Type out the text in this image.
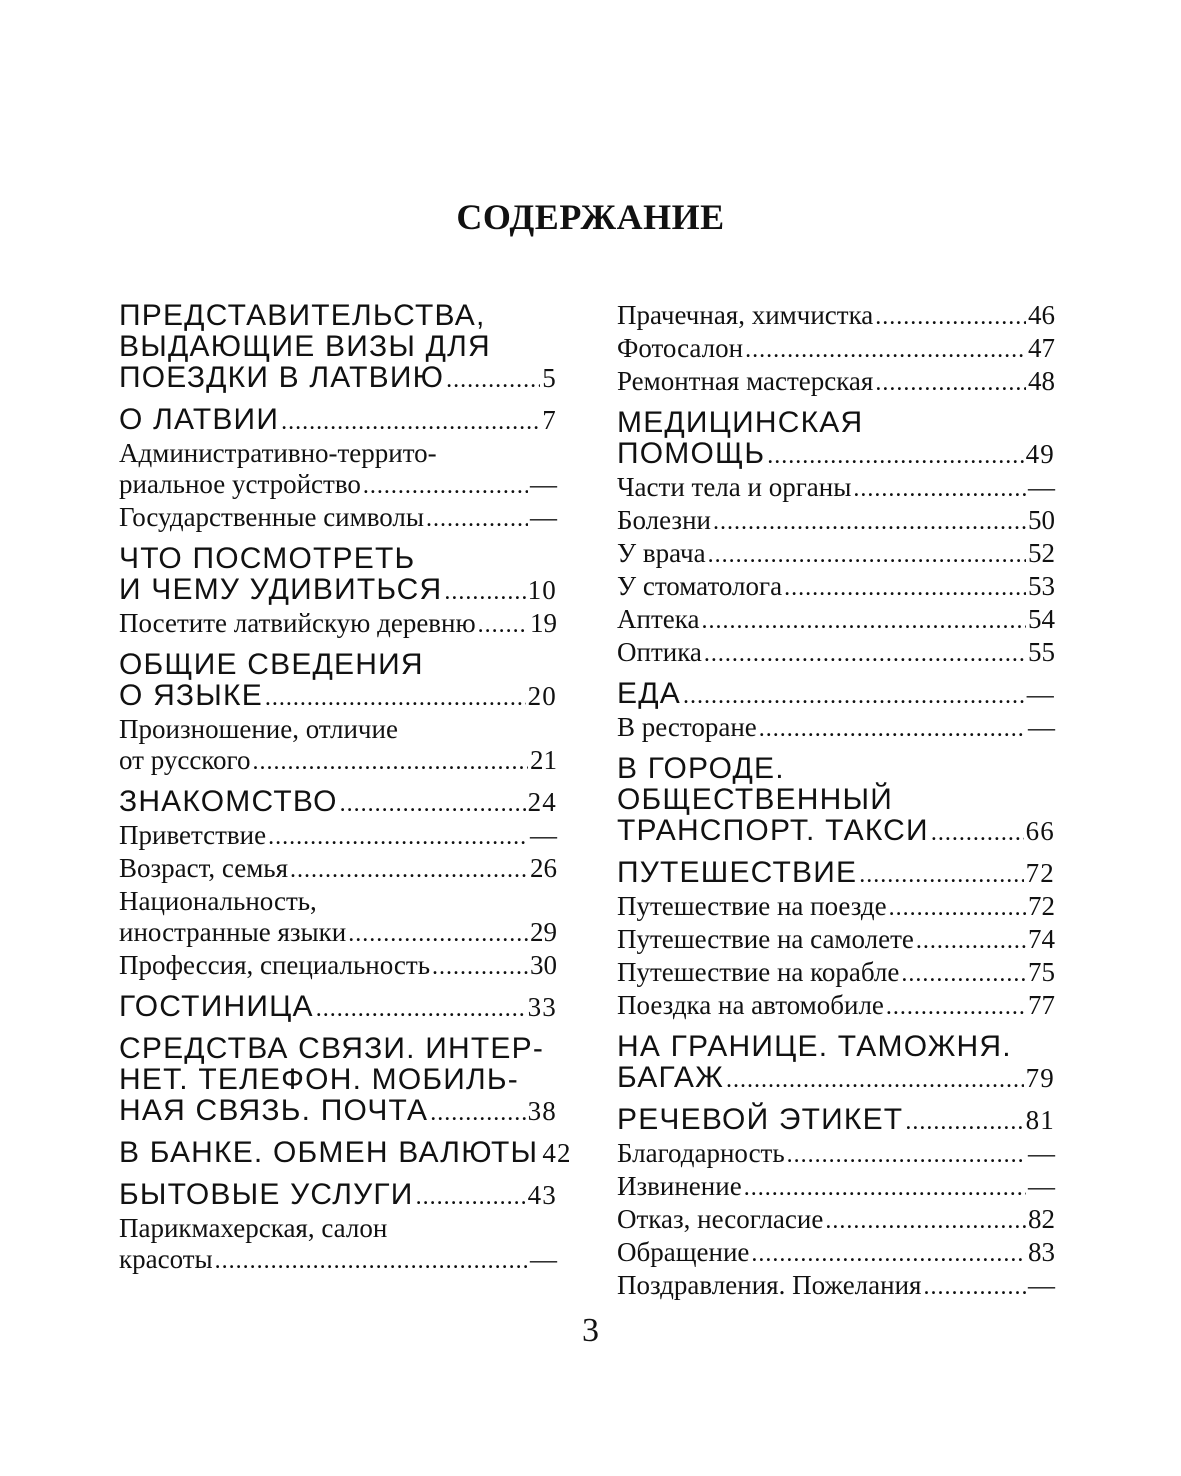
СОДЕРЖАНИЕ
ПРЕДСТАВИТЕЛЬСТВА,
ВЫДАЮЩИЕ ВИЗЫ ДЛЯ
ПОЕЗДКИ В ЛАТВИЮ .....	5
О ЛАТВИИ .....	7
Административно-террито-
риальное устройство .....	—
Государственные символы .....	—
ЧТО ПОСМОТРЕТЬ
И ЧЕМУ УДИВИТЬСЯ .....	10
Посетите латвийскую деревню ..... 19
ОБЩИЕ СВЕДЕНИЯ
О ЯЗЫКЕ .....	20
Произношение, отличие
от русского .....	21
ЗНАКОМСТВО .....	24
Приветствие .....	—
Возраст, семья .....	26
Национальность,
иностранные языки .....	29
Профессия, специальность .....	30
ГОСТИНИЦА .....	33
СРЕДСТВА СВЯЗИ. ИНТЕР-
НЕТ. ТЕЛЕФОН. МОБИЛЬ-
НАЯ СВЯЗЬ. ПОЧТА .....	38
В БАНКЕ. ОБМЕН ВАЛЮТЫ 42
БЫТОВЫЕ УСЛУГИ .....	43
Парикмахерская, салон
красоты .....	—
Прачечная, химчистка .....	46
Фотосалон .....	47
Ремонтная мастерская .....	48
МЕДИЦИНСКАЯ
ПОМОЩЬ .....	49
Части тела и органы .....	—
Болезни .....	50
У врача .....	52
У стоматолога .....	53
Аптека .....	54
Оптика .....	55
ЕДА .....	—
В ресторане .....	—
В ГОРОДЕ.
ОБЩЕСТВЕННЫЙ
ТРАНСПОРТ. ТАКСИ .....	66
ПУТЕШЕСТВИЕ .....	72
Путешествие на поезде .....	72
Путешествие на самолете .....	74
Путешествие на корабле .....	75
Поездка на автомобиле .....	77
НА ГРАНИЦЕ. ТАМОЖНЯ.
БАГАЖ .....	79
РЕЧЕВОЙ ЭТИКЕТ .....	81
Благодарность .....	—
Извинение .....	—
Отказ, несогласие .....	82
Обращение .....	83
Поздравления. Пожелания .....	—
3
